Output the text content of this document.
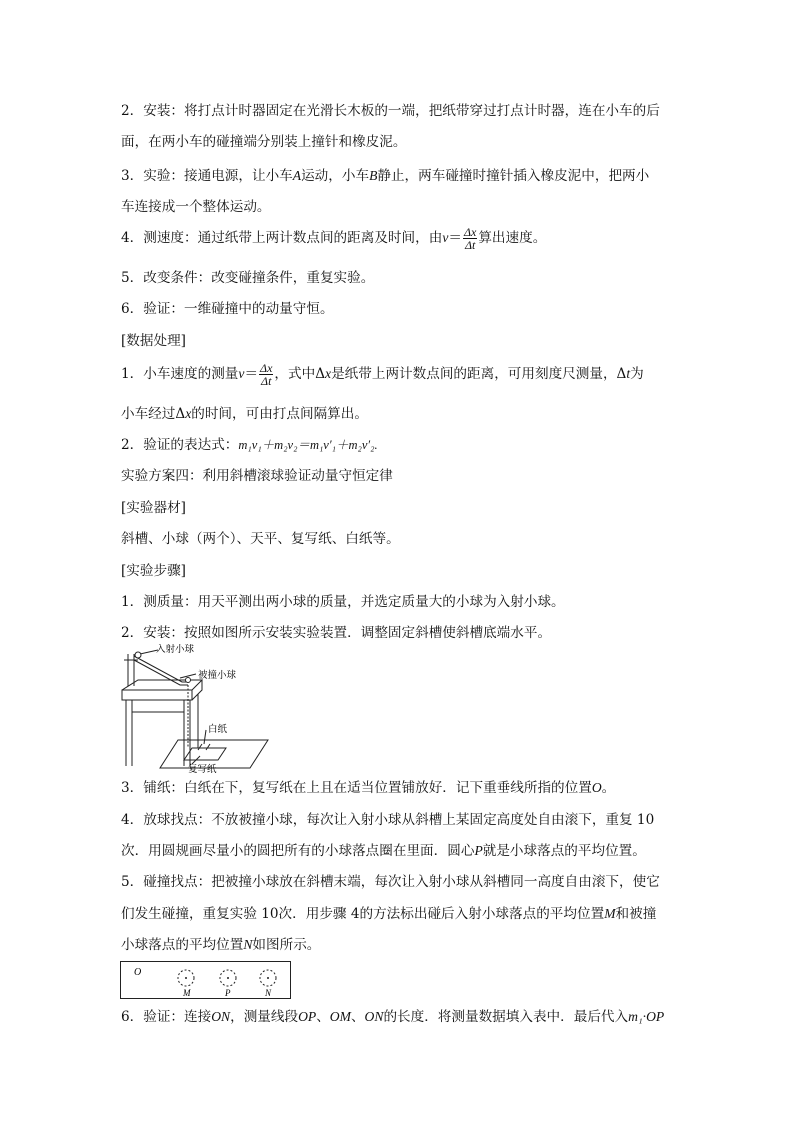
2．安装：将打点计时器固定在光滑长木板的一端，把纸带穿过打点计时器，连在小车的后
面，在两小车的碰撞端分别装上撞针和橡皮泥。
3．实验：接通电源，让小车A运动，小车B静止，两车碰撞时撞针插入橡皮泥中，把两小
车连接成一个整体运动。
4．测速度：通过纸带上两计数点间的距离及时间，由$v= \frac{\Delta x}{\Delta t}$ 算出速度。
5．改变条件：改变碰撞条件，重复实验。
6．验证：一维碰撞中的动量守恒。
[数据处理]
1．小车速度的测量$v= \frac{\Delta x}{\Delta t}$ ，式中Δx是纸带上两计数点间的距离，可用刻度尺测量，Δt为
小车经过Δx的时间，可由打点间隔算出。
2．验证的表达式：m₁v₁＋m₂v₂＝m₁v′₁＋m₂v′₂.
实验方案四：利用斜槽滚球验证动量守恒定律
[实验器材]
斜槽、小球（两个）、天平、复写纸、白纸等。
[实验步骤]
1．测质量：用天平测出两小球的质量，并选定质量大的小球为入射小球。
2．安装：按照如图所示安装实验装置．调整固定斜槽使斜槽底端水平。
入射小球
被撞小球
白纸
复写纸
3．铺纸：白纸在下，复写纸在上且在适当位置铺放好．记下重垂线所指的位置O。
4．放球找点：不放被撞小球，每次让入射小球从斜槽上某固定高度处自由滚下，重复 10
次．用圆规画尽量小的圆把所有的小球落点圈在里面．圆心P就是小球落点的平均位置。
5．碰撞找点：把被撞小球放在斜槽末端，每次让入射小球从斜槽同一高度自由滚下，使它
们发生碰撞，重复实验 10次．用步骤 4的方法标出碰后入射小球落点的平均位置M和被撞
小球落点的平均位置N如图所示。
O
M	P	N
6．验证：连接ON，测量线段OP、OM、ON的长度．将测量数据填入表中．最后代入m₁·OP
